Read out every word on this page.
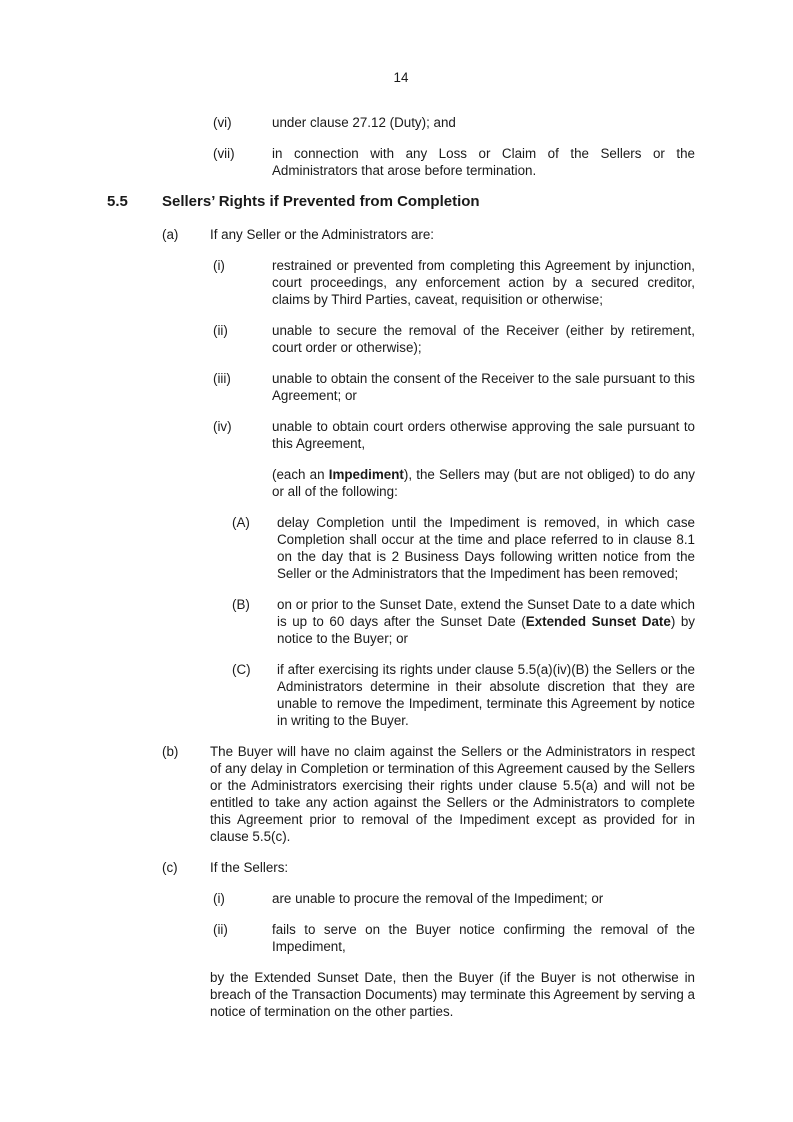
14
(vi)	under clause 27.12 (Duty); and
(vii)	in connection with any Loss or Claim of the Sellers or the Administrators that arose before termination.
5.5	Sellers’ Rights if Prevented from Completion
(a)	If any Seller or the Administrators are:
(i)	restrained or prevented from completing this Agreement by injunction, court proceedings, any enforcement action by a secured creditor, claims by Third Parties, caveat, requisition or otherwise;
(ii)	unable to secure the removal of the Receiver (either by retirement, court order or otherwise);
(iii)	unable to obtain the consent of the Receiver to the sale pursuant to this Agreement; or
(iv)	unable to obtain court orders otherwise approving the sale pursuant to this Agreement,
(each an Impediment), the Sellers may (but are not obliged) to do any or all of the following:
(A)	delay Completion until the Impediment is removed, in which case Completion shall occur at the time and place referred to in clause 8.1 on the day that is 2 Business Days following written notice from the Seller or the Administrators that the Impediment has been removed;
(B)	on or prior to the Sunset Date, extend the Sunset Date to a date which is up to 60 days after the Sunset Date (Extended Sunset Date) by notice to the Buyer; or
(C)	if after exercising its rights under clause 5.5(a)(iv)(B) the Sellers or the Administrators determine in their absolute discretion that they are unable to remove the Impediment, terminate this Agreement by notice in writing to the Buyer.
(b)	The Buyer will have no claim against the Sellers or the Administrators in respect of any delay in Completion or termination of this Agreement caused by the Sellers or the Administrators exercising their rights under clause 5.5(a) and will not be entitled to take any action against the Sellers or the Administrators to complete this Agreement prior to removal of the Impediment except as provided for in clause 5.5(c).
(c)	If the Sellers:
(i)	are unable to procure the removal of the Impediment; or
(ii)	fails to serve on the Buyer notice confirming the removal of the Impediment,
by the Extended Sunset Date, then the Buyer (if the Buyer is not otherwise in breach of the Transaction Documents) may terminate this Agreement by serving a notice of termination on the other parties.
